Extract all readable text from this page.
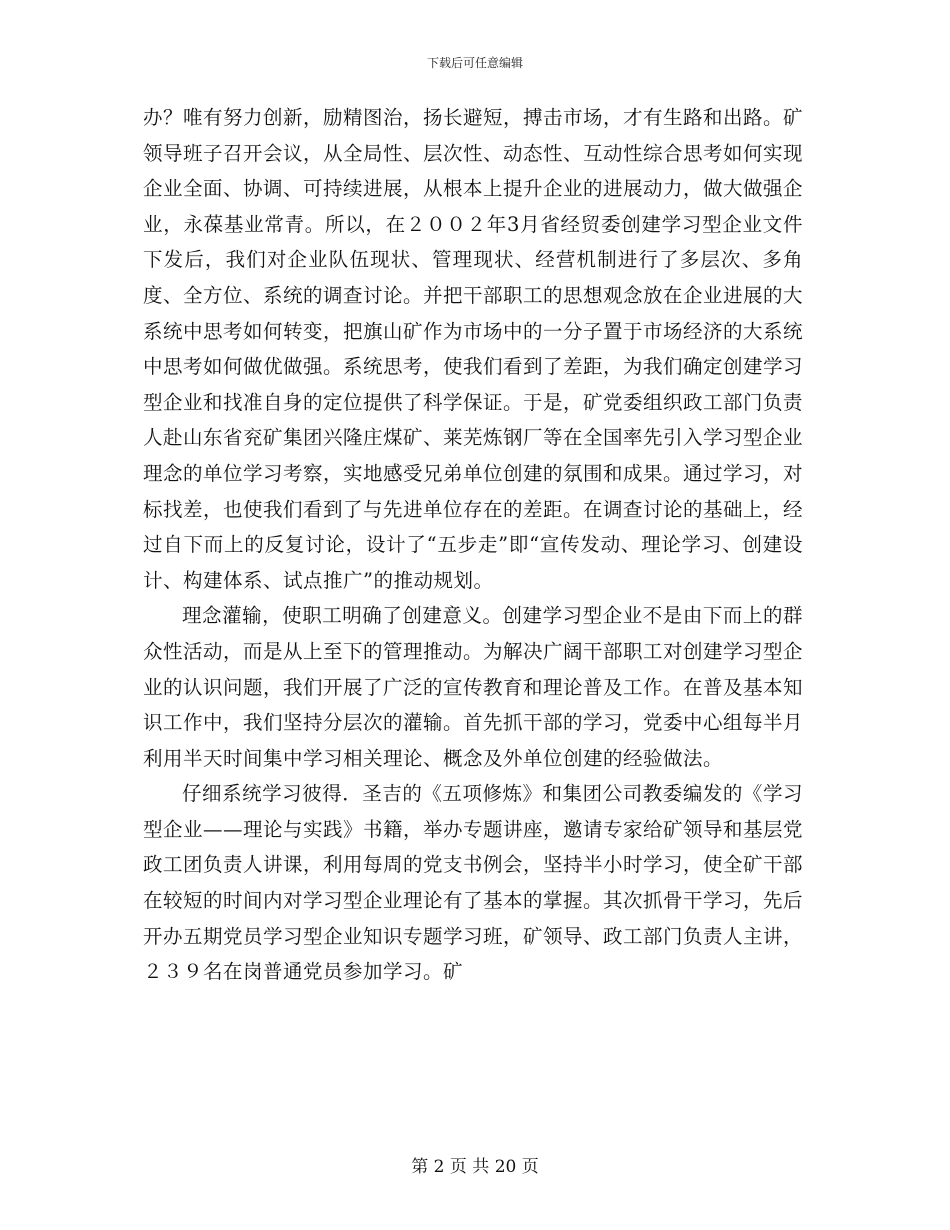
下载后可任意编辑

办？唯有努力创新，励精图治，扬长避短，搏击市场，才有生路和出路。矿领导班子召开会议，从全局性、层次性、动态性、互动性综合思考如何实现企业全面、协调、可持续进展，从根本上提升企业的进展动力，做大做强企业，永葆基业常青。所以，在２００２年3月省经贸委创建学习型企业文件下发后，我们对企业队伍现状、管理现状、经营机制进行了多层次、多角度、全方位、系统的调查讨论。并把干部职工的思想观念放在企业进展的大系统中思考如何转变，把旗山矿作为市场中的一分子置于市场经济的大系统中思考如何做优做强。系统思考，使我们看到了差距，为我们确定创建学习型企业和找准自身的定位提供了科学保证。于是，矿党委组织政工部门负责人赴山东省兖矿集团兴隆庄煤矿、莱芜炼钢厂等在全国率先引入学习型企业理念的单位学习考察，实地感受兄弟单位创建的氛围和成果。通过学习，对标找差，也使我们看到了与先进单位存在的差距。在调查讨论的基础上，经过自下而上的反复讨论，设计了“五步走”即“宣传发动、理论学习、创建设计、构建体系、试点推广”的推动规划。

理念灌输，使职工明确了创建意义。创建学习型企业不是由下而上的群众性活动，而是从上至下的管理推动。为解决广阔干部职工对创建学习型企业的认识问题，我们开展了广泛的宣传教育和理论普及工作。在普及基本知识工作中，我们坚持分层次的灌输。首先抓干部的学习，党委中心组每半月利用半天时间集中学习相关理论、概念及外单位创建的经验做法。

仔细系统学习彼得．圣吉的《五项修炼》和集团公司教委编发的《学习型企业——理论与实践》书籍，举办专题讲座，邀请专家给矿领导和基层党政工团负责人讲课，利用每周的党支书例会，坚持半小时学习，使全矿干部在较短的时间内对学习型企业理论有了基本的掌握。其次抓骨干学习，先后开办五期党员学习型企业知识专题学习班，矿领导、政工部门负责人主讲，２３９名在岗普通党员参加学习。矿

第 2 页 共 20 页
